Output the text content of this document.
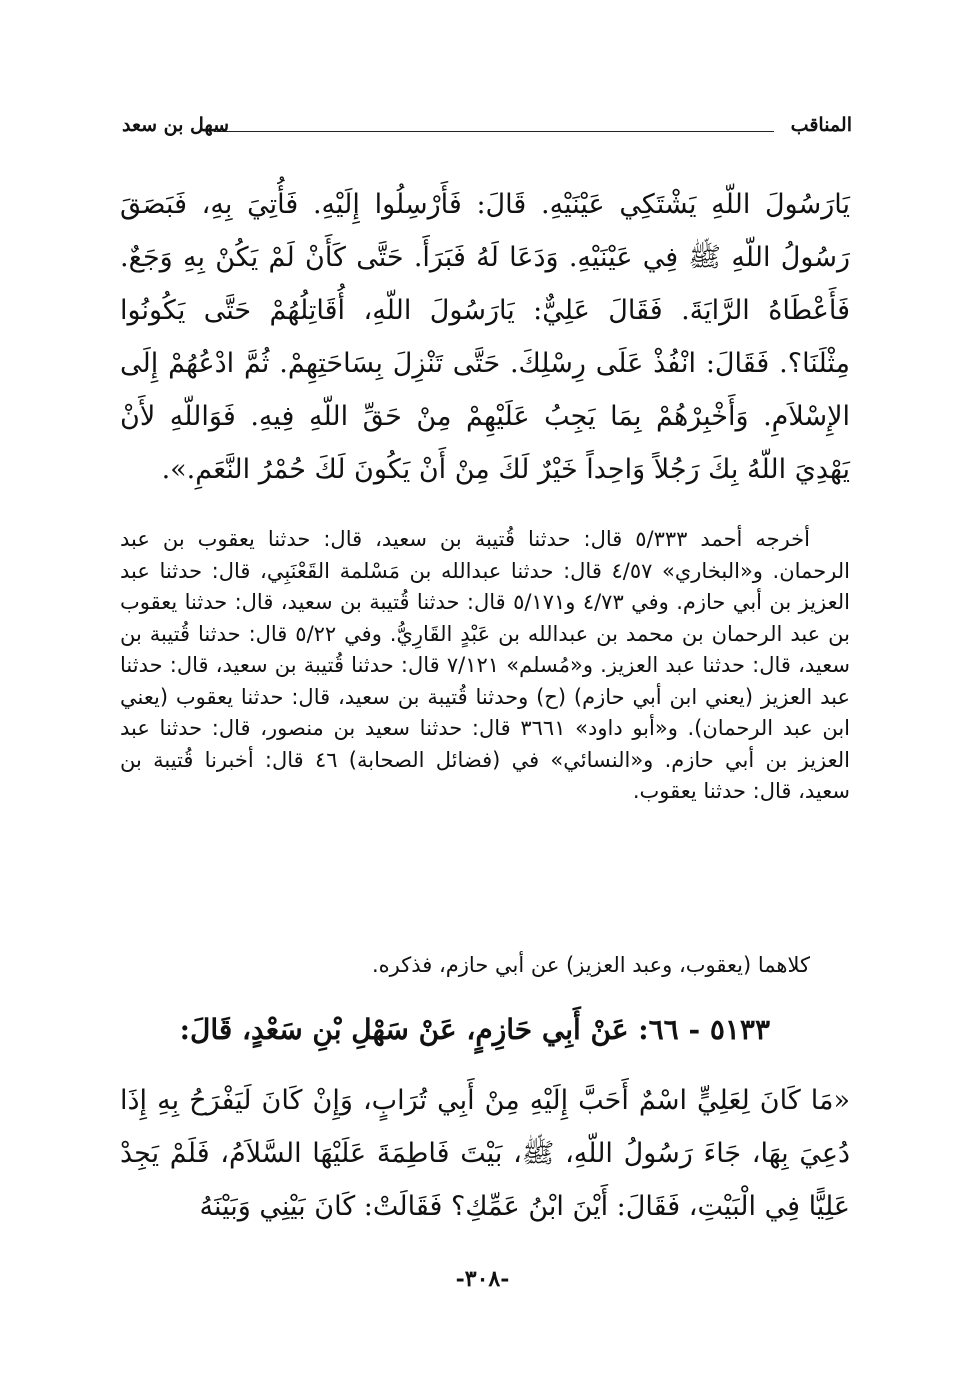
المناقب
سهل بن سعد

يَارَسُولَ اللّهِ يَشْتَكِي عَيْنَيْهِ. قَالَ: فَأَرْسِلُوا إِلَيْهِ. فَأُتِيَ بِهِ، فَبَصَقَ رَسُولُ اللّهِ ﷺ فِي عَيْنَيْهِ. وَدَعَا لَهُ فَبَرَأَ. حَتَّى كَأَنْ لَمْ يَكُنْ بِهِ وَجَعٌ. فَأَعْطَاهُ الرَّايَةَ. فَقَالَ عَلِيٌّ: يَارَسُولَ اللّهِ، أُقَاتِلُهُمْ حَتَّى يَكُونُوا مِثْلَنَا؟. فَقَالَ: انْفُذْ عَلَى رِسْلِكَ. حَتَّى تَنْزِلَ بِسَاحَتِهِمْ. ثُمَّ ادْعُهُمْ إِلَى الإِسْلاَمِ. وَأَخْبِرْهُمْ بِمَا يَجِبُ عَلَيْهِمْ مِنْ حَقِّ اللّهِ فِيهِ. فَوَاللّهِ لأَنْ يَهْدِيَ اللّهُ بِكَ رَجُلاً وَاحِداً خَيْرٌ لَكَ مِنْ أَنْ يَكُونَ لَكَ حُمْرُ النَّعَمِ.».

أخرجه أحمد ٥/٣٣٣ قال: حدثنا قُتيبة بن سعيد، قال: حدثنا يعقوب بن عبد الرحمان. و«البخاري» ٤/٥٧ قال: حدثنا عبدالله بن مَسْلمة القَعْنَبِي، قال: حدثنا عبد العزيز بن أبي حازم. وفي ٤/٧٣ و٥/١٧١ قال: حدثنا قُتيبة بن سعيد، قال: حدثنا يعقوب بن عبد الرحمان بن محمد بن عبدالله بن عَبْدٍ القَارِيُّ. وفي ٥/٢٢ قال: حدثنا قُتيبة بن سعيد، قال: حدثنا عبد العزيز. و«مُسلم» ٧/١٢١ قال: حدثنا قُتيبة بن سعيد، قال: حدثنا عبد العزيز (يعني ابن أبي حازم) (ح) وحدثنا قُتيبة بن سعيد، قال: حدثنا يعقوب (يعني ابن عبد الرحمان). و«أبو داود» ٣٦٦١ قال: حدثنا سعيد بن منصور، قال: حدثنا عبد العزيز بن أبي حازم. و«النسائي» في (فضائل الصحابة) ٤٦ قال: أخبرنا قُتيبة بن سعيد، قال: حدثنا يعقوب.

كلاهما (يعقوب، وعبد العزيز) عن أبي حازم، فذكره.
٥١٣٣ - ٦٦: عَنْ أَبِي حَازِمٍ، عَنْ سَهْلِ بْنِ سَعْدٍ، قَالَ:

«مَا كَانَ لِعَلِيٍّ اسْمٌ أَحَبَّ إِلَيْهِ مِنْ أَبِي تُرَابٍ، وَإِنْ كَانَ لَيَفْرَحُ بِهِ إِذَا دُعِيَ بِهَا، جَاءَ رَسُولُ اللّهِ، ﷺ، بَيْتَ فَاطِمَةَ عَلَيْهَا السَّلاَمُ، فَلَمْ يَجِدْ عَلِيًّا فِي الْبَيْتِ، فَقَالَ: أَيْنَ ابْنُ عَمِّكِ؟ فَقَالَتْ: كَانَ بَيْنِي وَبَيْنَهُ

-٣٠٨-
